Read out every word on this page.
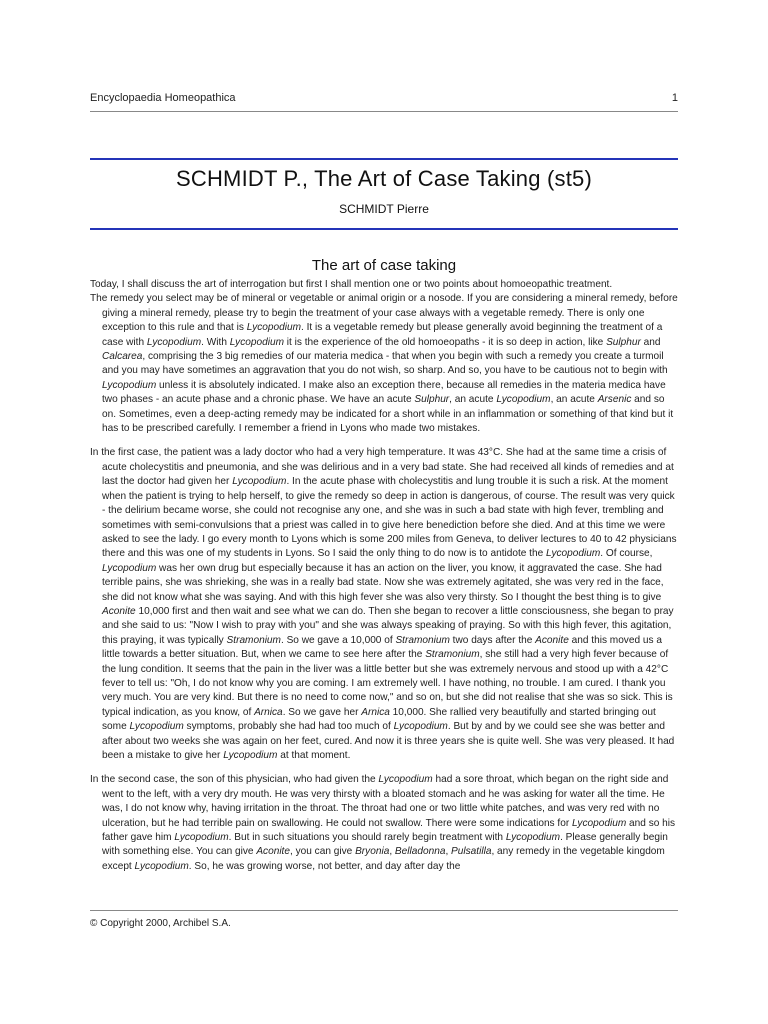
Encyclopaedia Homeopathica	1
SCHMIDT P., The Art of Case Taking (st5)
SCHMIDT Pierre
The art of case taking

Today, I shall discuss the art of interrogation but first I shall mention one or two points about homoeopathic treatment.

The remedy you select may be of mineral or vegetable or animal origin or a nosode. If you are considering a mineral remedy, before giving a mineral remedy, please try to begin the treatment of your case always with a vegetable remedy. There is only one exception to this rule and that is Lycopodium. It is a vegetable remedy but please generally avoid beginning the treatment of a case with Lycopodium. With Lycopodium it is the experience of the old homoeopaths - it is so deep in action, like Sulphur and Calcarea, comprising the 3 big remedies of our materia medica - that when you begin with such a remedy you create a turmoil and you may have sometimes an aggravation that you do not wish, so sharp. And so, you have to be cautious not to begin with Lycopodium unless it is absolutely indicated. I make also an exception there, because all remedies in the materia medica have two phases - an acute phase and a chronic phase. We have an acute Sulphur, an acute Lycopodium, an acute Arsenic and so on. Sometimes, even a deep-acting remedy may be indicated for a short while in an inflammation or something of that kind but it has to be prescribed carefully. I remember a friend in Lyons who made two mistakes.

In the first case, the patient was a lady doctor who had a very high temperature. It was 43°C. She had at the same time a crisis of acute cholecystitis and pneumonia, and she was delirious and in a very bad state. She had received all kinds of remedies and at last the doctor had given her Lycopodium. In the acute phase with cholecystitis and lung trouble it is such a risk. At the moment when the patient is trying to help herself, to give the remedy so deep in action is dangerous, of course. The result was very quick - the delirium became worse, she could not recognise any one, and she was in such a bad state with high fever, trembling and sometimes with semi-convulsions that a priest was called in to give here benediction before she died. And at this time we were asked to see the lady. I go every month to Lyons which is some 200 miles from Geneva, to deliver lectures to 40 to 42 physicians there and this was one of my students in Lyons. So I said the only thing to do now is to antidote the Lycopodium. Of course, Lycopodium was her own drug but especially because it has an action on the liver, you know, it aggravated the case. She had terrible pains, she was shrieking, she was in a really bad state. Now she was extremely agitated, she was very red in the face, she did not know what she was saying. And with this high fever she was also very thirsty. So I thought the best thing is to give Aconite 10,000 first and then wait and see what we can do. Then she began to recover a little consciousness, she began to pray and she said to us: "Now I wish to pray with you" and she was always speaking of praying. So with this high fever, this agitation, this praying, it was typically Stramonium. So we gave a 10,000 of Stramonium two days after the Aconite and this moved us a little towards a better situation. But, when we came to see here after the Stramonium, she still had a very high fever because of the lung condition. It seems that the pain in the liver was a little better but she was extremely nervous and stood up with a 42°C fever to tell us: "Oh, I do not know why you are coming. I am extremely well. I have nothing, no trouble. I am cured. I thank you very much. You are very kind. But there is no need to come now," and so on, but she did not realise that she was so sick. This is typical indication, as you know, of Arnica. So we gave her Arnica 10,000. She rallied very beautifully and started bringing out some Lycopodium symptoms, probably she had had too much of Lycopodium. But by and by we could see she was better and after about two weeks she was again on her feet, cured. And now it is three years she is quite well. She was very pleased. It had been a mistake to give her Lycopodium at that moment.

In the second case, the son of this physician, who had given the Lycopodium had a sore throat, which began on the right side and went to the left, with a very dry mouth. He was very thirsty with a bloated stomach and he was asking for water all the time. He was, I do not know why, having irritation in the throat. The throat had one or two little white patches, and was very red with no ulceration, but he had terrible pain on swallowing. He could not swallow. There were some indications for Lycopodium and so his father gave him Lycopodium. But in such situations you should rarely begin treatment with Lycopodium. Please generally begin with something else. You can give Aconite, you can give Bryonia, Belladonna, Pulsatilla, any remedy in the vegetable kingdom except Lycopodium. So, he was growing worse, not better, and day after day the

© Copyright 2000, Archibel S.A.
